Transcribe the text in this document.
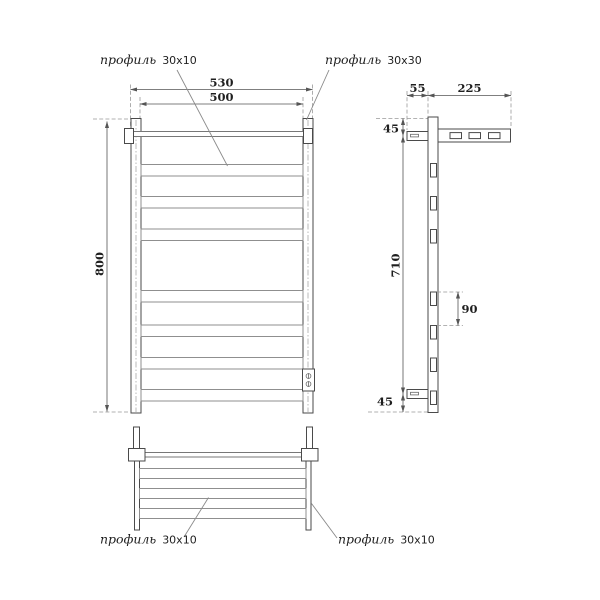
800
530
500
профиль 30x10	профиль 30x30
55	225
45
710
45
90
профиль 30x10	профиль 30x10
